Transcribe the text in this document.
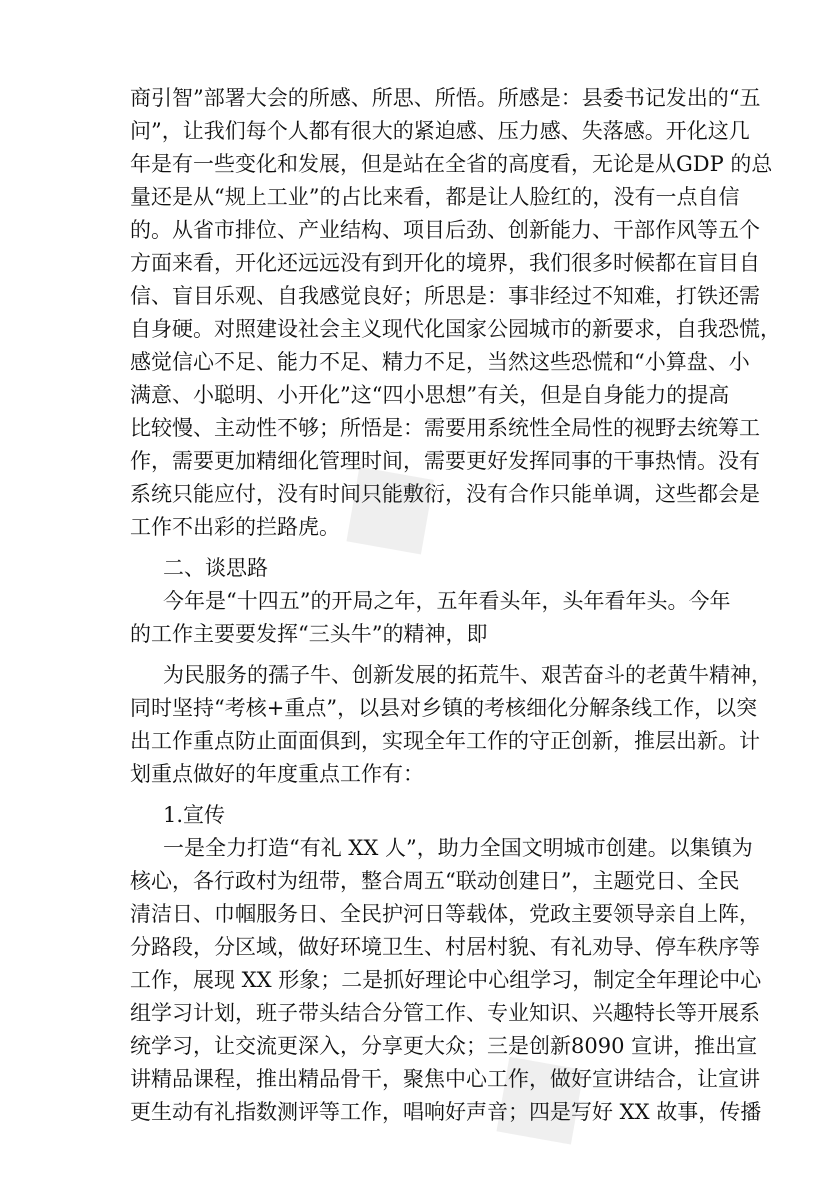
◆
◆
商引智”部署大会的所感、所思、所悟。所感是：县委书记发出的“五
问”，让我们每个人都有很大的紧迫感、压力感、失落感。开化这几
年是有一些变化和发展，但是站在全省的高度看，无论是从GDP 的总
量还是从“规上工业”的占比来看，都是让人脸红的，没有一点自信
的。从省市排位、产业结构、项目后劲、创新能力、干部作风等五个
方面来看，开化还远远没有到开化的境界，我们很多时候都在盲目自
信、盲目乐观、自我感觉良好；所思是：事非经过不知难，打铁还需
自身硬。对照建设社会主义现代化国家公园城市的新要求，自我恐慌，
感觉信心不足、能力不足、精力不足，当然这些恐慌和“小算盘、小
满意、小聪明、小开化”这“四小思想”有关，但是自身能力的提高
比较慢、主动性不够；所悟是：需要用系统性全局性的视野去统筹工
作，需要更加精细化管理时间，需要更好发挥同事的干事热情。没有
系统只能应付，没有时间只能敷衍，没有合作只能单调，这些都会是
工作不出彩的拦路虎。
二、谈思路
今年是“十四五”的开局之年，五年看头年，头年看年头。今年
的工作主要要发挥“三头牛”的精神，即
为民服务的孺子牛、创新发展的拓荒牛、艰苦奋斗的老黄牛精神，
同时坚持“考核+重点”，以县对乡镇的考核细化分解条线工作，以突
出工作重点防止面面俱到，实现全年工作的守正创新，推层出新。计
划重点做好的年度重点工作有：
1.宣传
一是全力打造“有礼 XX 人”，助力全国文明城市创建。以集镇为
核心，各行政村为纽带，整合周五“联动创建日”，主题党日、全民
清洁日、巾帼服务日、全民护河日等载体，党政主要领导亲自上阵，
分路段，分区域，做好环境卫生、村居村貌、有礼劝导、停车秩序等
工作，展现 XX 形象；二是抓好理论中心组学习，制定全年理论中心
组学习计划，班子带头结合分管工作、专业知识、兴趣特长等开展系
统学习，让交流更深入，分享更大众；三是创新8090 宣讲，推出宣
讲精品课程，推出精品骨干，聚焦中心工作，做好宣讲结合，让宣讲
更生动有礼指数测评等工作，唱响好声音；四是写好 XX 故事，传播
